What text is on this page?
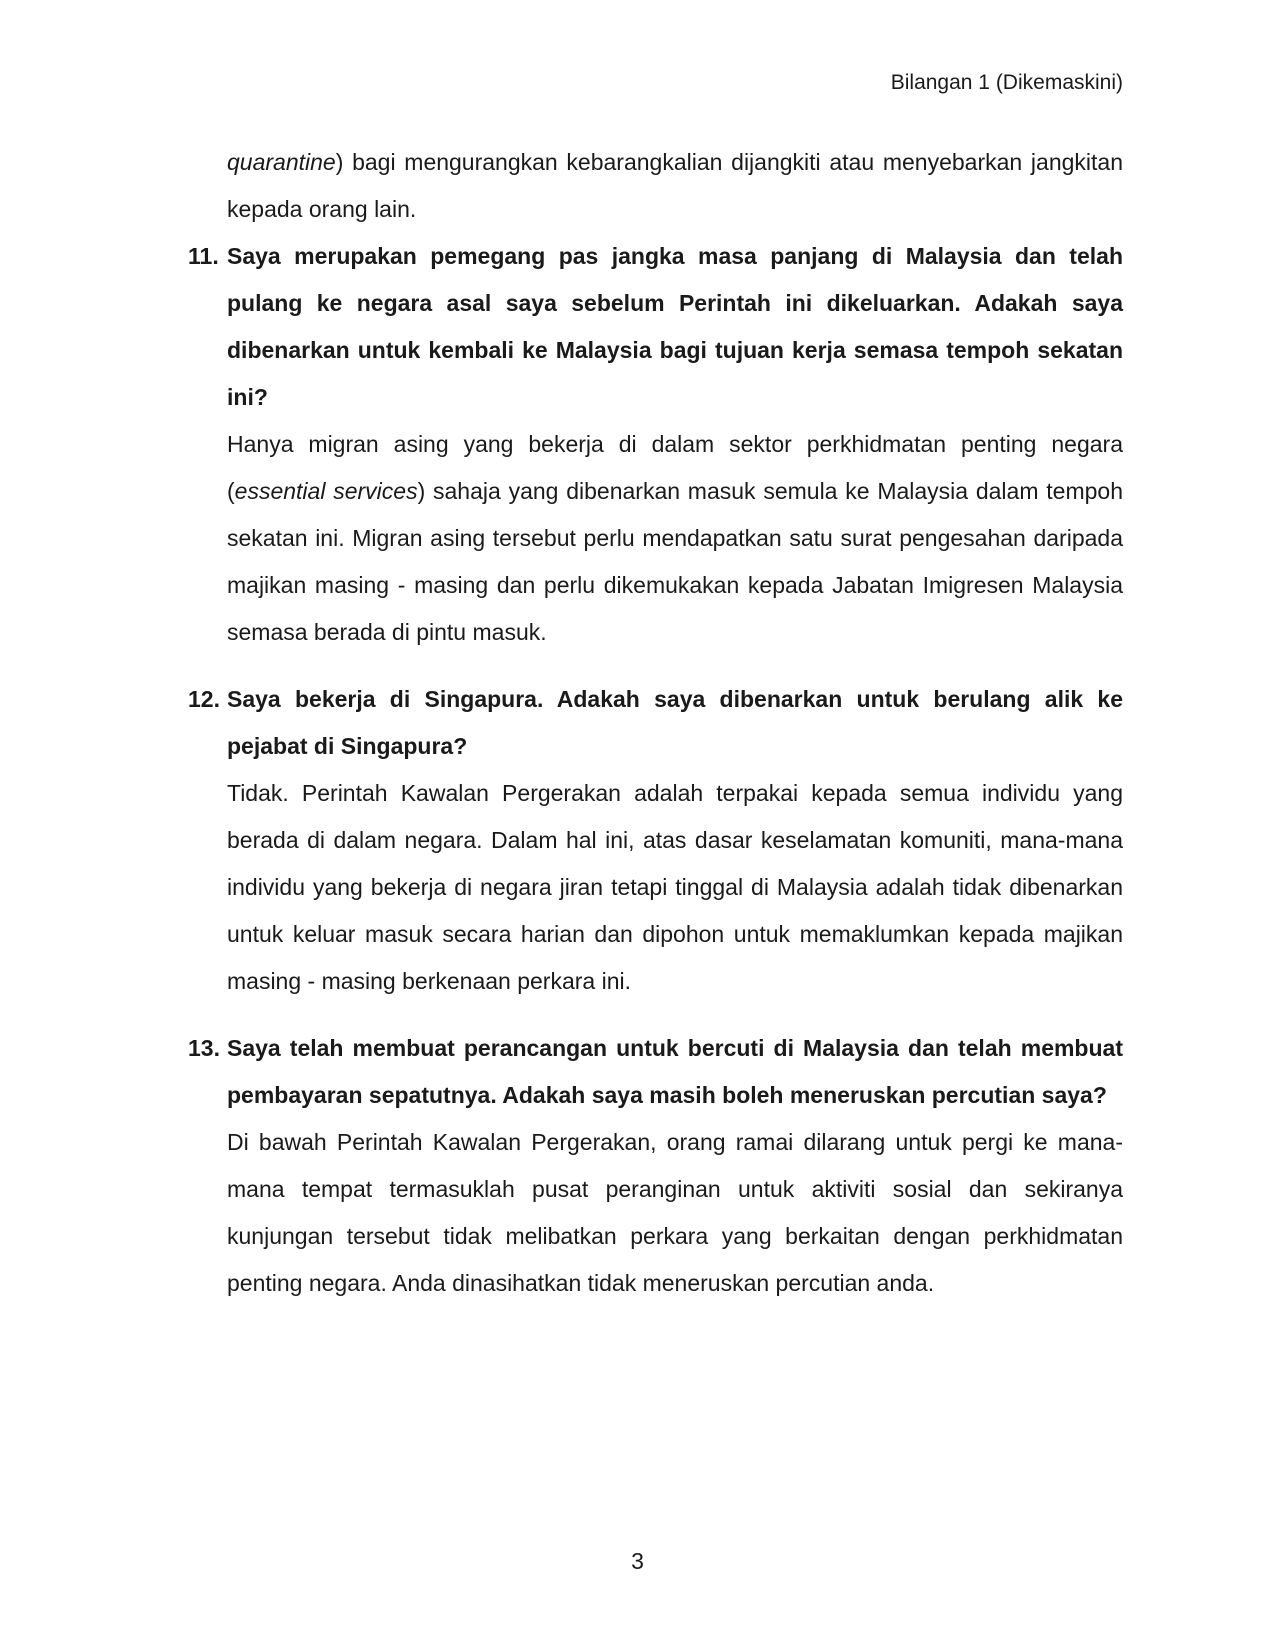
Bilangan 1 (Dikemaskini)

quarantine) bagi mengurangkan kebarangkalian dijangkiti atau menyebarkan jangkitan kepada orang lain.

11. Saya merupakan pemegang pas jangka masa panjang di Malaysia dan telah pulang ke negara asal saya sebelum Perintah ini dikeluarkan. Adakah saya dibenarkan untuk kembali ke Malaysia bagi tujuan kerja semasa tempoh sekatan ini?

Hanya migran asing yang bekerja di dalam sektor perkhidmatan penting negara (essential services) sahaja yang dibenarkan masuk semula ke Malaysia dalam tempoh sekatan ini. Migran asing tersebut perlu mendapatkan satu surat pengesahan daripada majikan masing - masing dan perlu dikemukakan kepada Jabatan Imigresen Malaysia semasa berada di pintu masuk.

12. Saya bekerja di Singapura. Adakah saya dibenarkan untuk berulang alik ke pejabat di Singapura?

Tidak. Perintah Kawalan Pergerakan adalah terpakai kepada semua individu yang berada di dalam negara. Dalam hal ini, atas dasar keselamatan komuniti, mana-mana individu yang bekerja di negara jiran tetapi tinggal di Malaysia adalah tidak dibenarkan untuk keluar masuk secara harian dan dipohon untuk memaklumkan kepada majikan masing - masing berkenaan perkara ini.

13. Saya telah membuat perancangan untuk bercuti di Malaysia dan telah membuat pembayaran sepatutnya. Adakah saya masih boleh meneruskan percutian saya?

Di bawah Perintah Kawalan Pergerakan, orang ramai dilarang untuk pergi ke mana-mana tempat termasuklah pusat peranginan untuk aktiviti sosial dan sekiranya kunjungan tersebut tidak melibatkan perkara yang berkaitan dengan perkhidmatan penting negara. Anda dinasihatkan tidak meneruskan percutian anda.

3
